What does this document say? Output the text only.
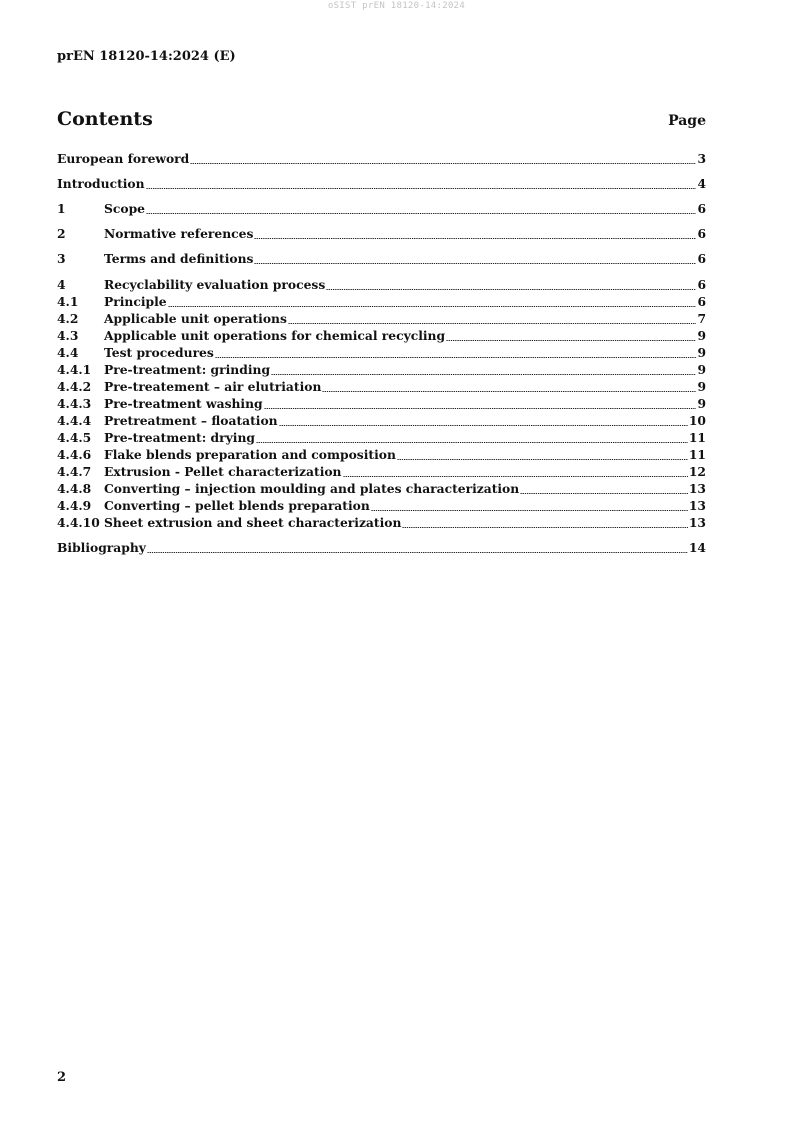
oSIST prEN 18120-14:2024
prEN 18120-14:2024 (E)
Contents	Page
European foreword	3
Introduction	4
1	Scope	6
2	Normative references	6
3	Terms and definitions	6
4	Recyclability evaluation process	6
4.1	Principle	6
4.2	Applicable unit operations	7
4.3	Applicable unit operations for chemical recycling	9
4.4	Test procedures	9
4.4.1	Pre-treatment: grinding	9
4.4.2	Pre-treatement – air elutriation	9
4.4.3	Pre-treatment washing	9
4.4.4	Pretreatment – floatation	10
4.4.5	Pre-treatment: drying	11
4.4.6	Flake blends preparation and composition	11
4.4.7	Extrusion - Pellet characterization	12
4.4.8	Converting – injection moulding and plates characterization	13
4.4.9	Converting – pellet blends preparation	13
4.4.10 Sheet extrusion and sheet characterization	13
Bibliography	14
2
